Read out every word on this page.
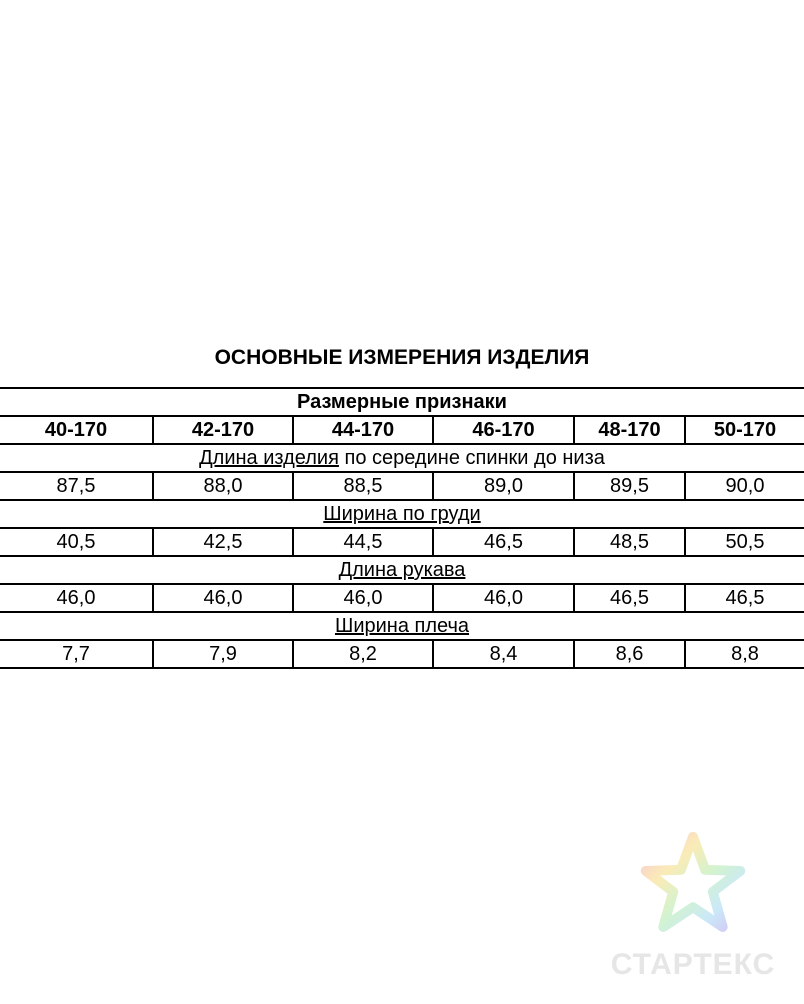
ОСНОВНЫЕ ИЗМЕРЕНИЯ ИЗДЕЛИЯ
Размерные признаки					
40-170	42-170	44-170	46-170	48-170	50-170
Длина изделия по середине спинки до низа					
87,5	88,0	88,5	89,0	89,5	90,0
Ширина по груди					
40,5	42,5	44,5	46,5	48,5	50,5
Длина рукава					
46,0	46,0	46,0	46,0	46,5	46,5
Ширина плеча					
7,7	7,9	8,2	8,4	8,6	8,8
СТАРТЕКС
